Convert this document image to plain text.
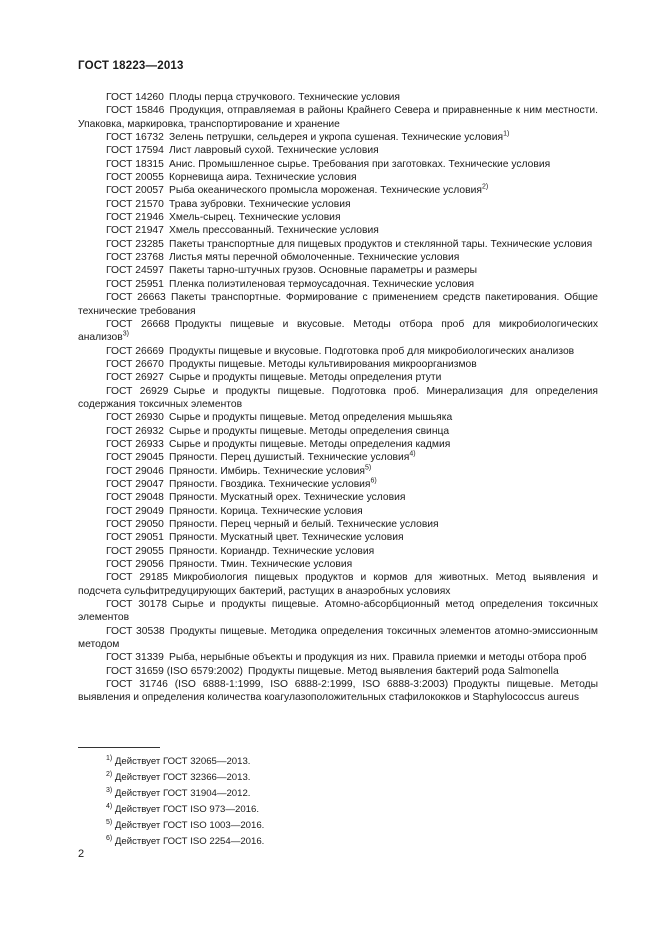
ГОСТ 18223—2013

ГОСТ 14260  Плоды перца стручкового. Технические условия

ГОСТ 15846  Продукция, отправляемая в районы Крайнего Севера и приравненные к ним местности. Упаковка, маркировка, транспортирование и хранение

ГОСТ 16732  Зелень петрушки, сельдерея и укропа сушеная. Технические условия$^{1)}$

ГОСТ 17594  Лист лавровый сухой. Технические условия

ГОСТ 18315  Анис. Промышленное сырье. Требования при заготовках. Технические условия

ГОСТ 20055  Корневища аира. Технические условия

ГОСТ 20057  Рыба океанического промысла мороженая. Технические условия$^{2)}$

ГОСТ 21570  Трава зубровки. Технические условия

ГОСТ 21946  Хмель-сырец. Технические условия

ГОСТ 21947  Хмель прессованный. Технические условия

ГОСТ 23285  Пакеты транспортные для пищевых продуктов и стеклянной тары. Технические условия

ГОСТ 23768  Листья мяты перечной обмолоченные. Технические условия

ГОСТ 24597  Пакеты тарно-штучных грузов. Основные параметры и размеры

ГОСТ 25951  Пленка полиэтиленовая термоусадочная. Технические условия

ГОСТ 26663  Пакеты транспортные. Формирование с применением средств пакетирования. Общие технические требования

ГОСТ 26668  Продукты пищевые и вкусовые. Методы отбора проб для микробиологических анализов$^{3)}$

ГОСТ 26669  Продукты пищевые и вкусовые. Подготовка проб для микробиологических анализов

ГОСТ 26670  Продукты пищевые. Методы культивирования микроорганизмов

ГОСТ 26927  Сырье и продукты пищевые. Методы определения ртути

ГОСТ 26929  Сырье и продукты пищевые. Подготовка проб. Минерализация для определения содержания токсичных элементов

ГОСТ 26930  Сырье и продукты пищевые. Метод определения мышьяка

ГОСТ 26932  Сырье и продукты пищевые. Методы определения свинца

ГОСТ 26933  Сырье и продукты пищевые. Методы определения кадмия

ГОСТ 29045  Пряности. Перец душистый. Технические условия$^{4)}$

ГОСТ 29046  Пряности. Имбирь. Технические условия$^{5)}$

ГОСТ 29047  Пряности. Гвоздика. Технические условия$^{6)}$

ГОСТ 29048  Пряности. Мускатный орех. Технические условия

ГОСТ 29049  Пряности. Корица. Технические условия

ГОСТ 29050  Пряности. Перец черный и белый. Технические условия

ГОСТ 29051  Пряности. Мускатный цвет. Технические условия

ГОСТ 29055  Пряности. Кориандр. Технические условия

ГОСТ 29056  Пряности. Тмин. Технические условия

ГОСТ 29185  Микробиология пищевых продуктов и кормов для животных. Метод выявления и подсчета сульфитредуцирующих бактерий, растущих в анаэробных условиях

ГОСТ 30178  Сырье и продукты пищевые. Атомно-абсорбционный метод определения токсичных элементов

ГОСТ 30538  Продукты пищевые. Методика определения токсичных элементов атомно-эмиссионным методом

ГОСТ 31339  Рыба, нерыбные объекты и продукция из них. Правила приемки и методы отбора проб

ГОСТ 31659 (ISO 6579:2002)  Продукты пищевые. Метод выявления бактерий рода Salmonella

ГОСТ 31746 (ISO 6888-1:1999, ISO 6888-2:1999, ISO 6888-3:2003)  Продукты пищевые. Методы выявления и определения количества коагулазоположительных стафилококков и Staphylococcus aureus

$^{1)}$ Действует ГОСТ 32065—2013.
$^{2)}$ Действует ГОСТ 32366—2013.
$^{3)}$ Действует ГОСТ 31904—2012.
$^{4)}$ Действует ГОСТ ISO 973—2016.
$^{5)}$ Действует ГОСТ ISO 1003—2016.
$^{6)}$ Действует ГОСТ ISO 2254—2016.
2
